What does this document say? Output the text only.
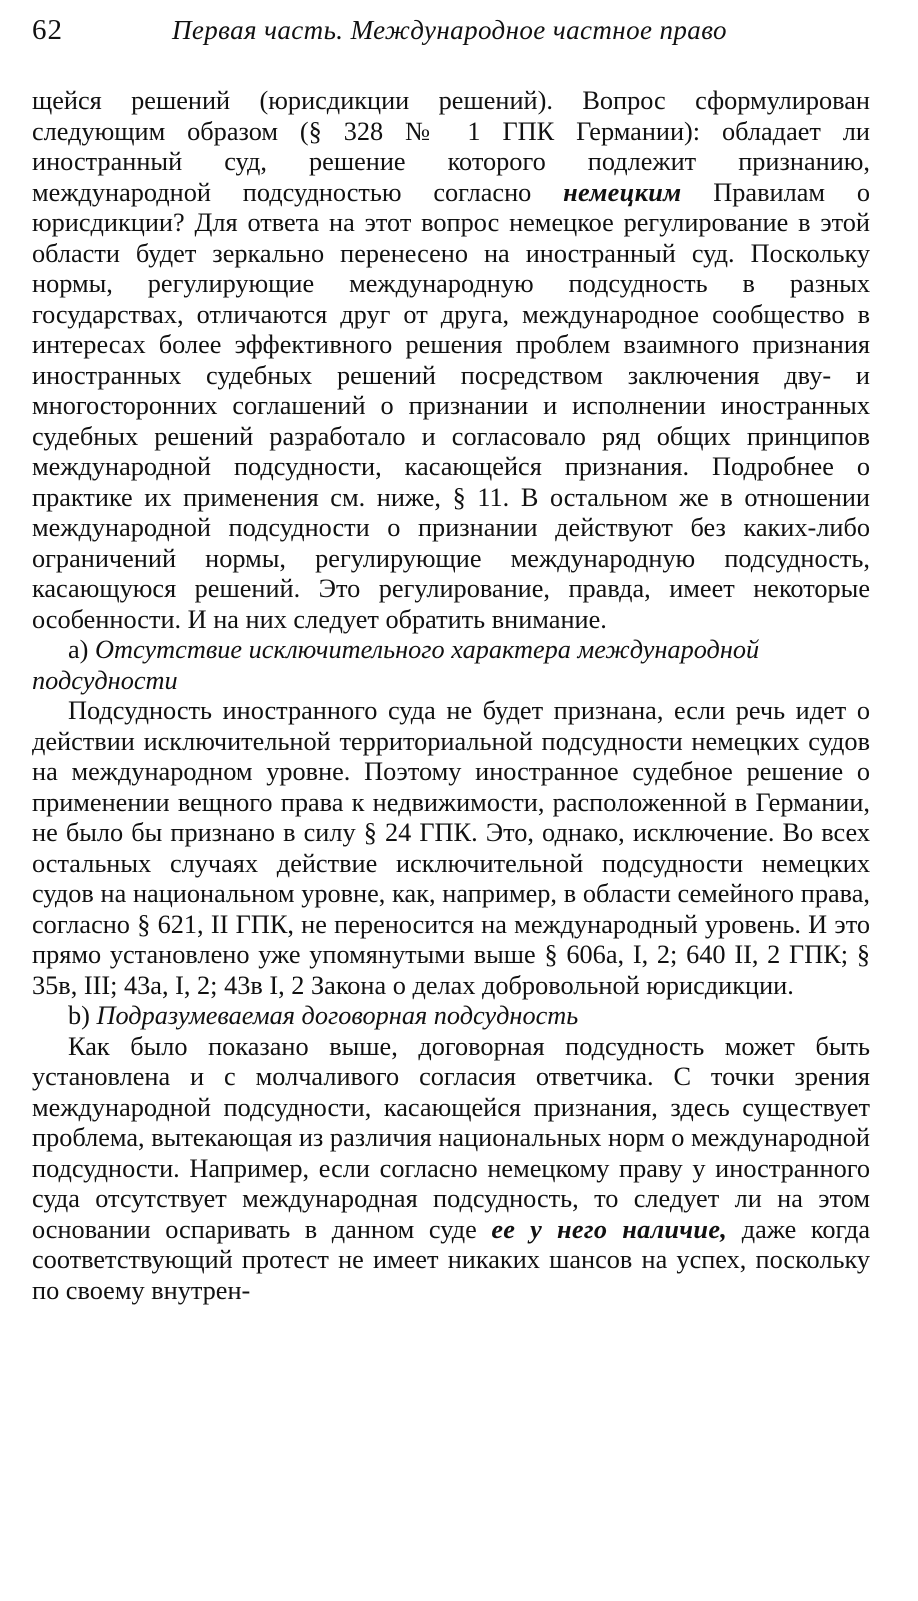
62	Первая часть. Международное частное право

щейся решений (юрисдикции решений). Вопрос сформулирован следующим образом (§ 328 № 1 ГПК Германии): обладает ли иностранный суд, решение которого подлежит признанию, международной подсудностью согласно немецким Правилам о юрисдикции? Для ответа на этот вопрос немецкое регулирование в этой области будет зеркально перенесено на иностранный суд. Поскольку нормы, регулирующие международную подсудность в разных государствах, отличаются друг от друга, международное сообщество в интересах более эффективного решения проблем взаимного признания иностранных судебных решений посредством заключения дву- и многосторонних соглашений о признании и исполнении иностранных судебных решений разработало и согласовало ряд общих принципов международной подсудности, касающейся признания. Подробнее о практике их применения см. ниже, § 11. В остальном же в отношении международной подсудности о признании действуют без каких-либо ограничений нормы, регулирующие международную подсудность, касающуюся решений. Это регулирование, правда, имеет некоторые особенности. И на них следует обратить внимание.

a) Отсутствие исключительного характера международной подсудности

Подсудность иностранного суда не будет признана, если речь идет о действии исключительной территориальной подсудности немецких судов на международном уровне. Поэтому иностранное судебное решение о применении вещного права к недвижимости, расположенной в Германии, не было бы признано в силу § 24 ГПК. Это, однако, исключение. Во всех остальных случаях действие исключительной подсудности немецких судов на национальном уровне, как, например, в области семейного права, согласно § 621, II ГПК, не переносится на международный уровень. И это прямо установлено уже упомянутыми выше § 606а, I, 2; 640 II, 2 ГПК; § 35в, III; 43а, I, 2; 43в I, 2 Закона о делах добровольной юрисдикции.

b) Подразумеваемая договорная подсудность

Как было показано выше, договорная подсудность может быть установлена и с молчаливого согласия ответчика. С точки зрения международной подсудности, касающейся признания, здесь существует проблема, вытекающая из различия национальных норм о международной подсудности. Например, если согласно немецкому праву у иностранного суда отсутствует международная подсудность, то следует ли на этом основании оспаривать в данном суде ее у него наличие, даже когда соответствующий протест не имеет никаких шансов на успех, поскольку по своему внутрен-
